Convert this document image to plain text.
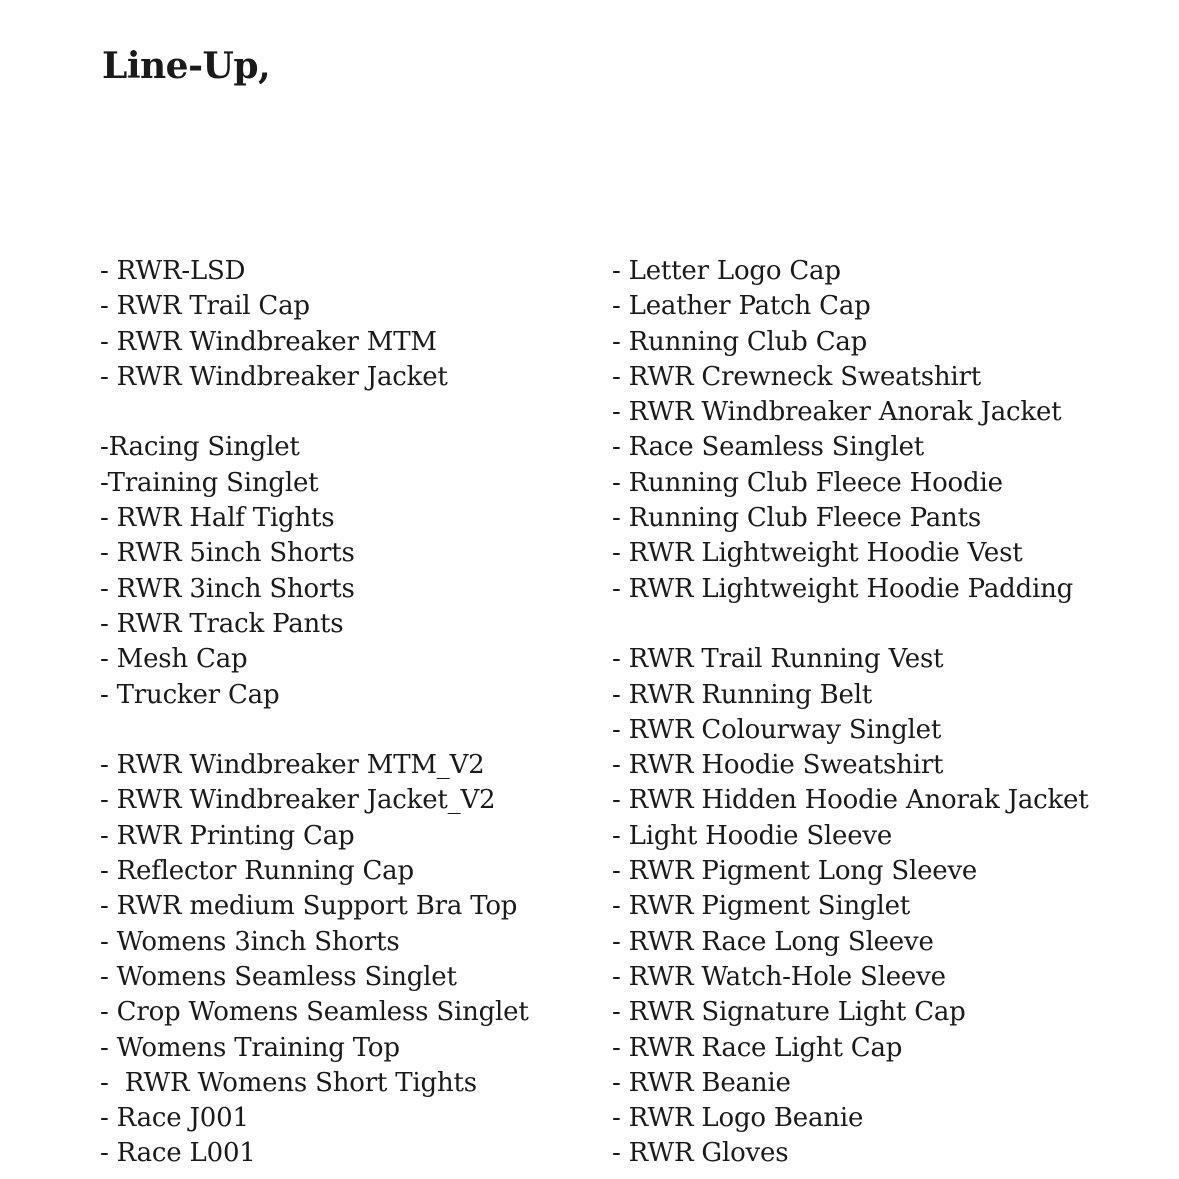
Line-Up,
- RWR-LSD
- RWR Trail Cap
- RWR Windbreaker MTM
- RWR Windbreaker Jacket
-Racing Singlet
-Training Singlet
- RWR Half Tights
- RWR 5inch Shorts
- RWR 3inch Shorts
- RWR Track Pants
- Mesh Cap
- Trucker Cap
- RWR Windbreaker MTM_V2
- RWR Windbreaker Jacket_V2
- RWR Printing Cap
- Reflector Running Cap
- RWR medium Support Bra Top
- Womens 3inch Shorts
- Womens Seamless Singlet
- Crop Womens Seamless Singlet
- Womens Training Top
-  RWR Womens Short Tights
- Race J001
- Race L001
- Letter Logo Cap
- Leather Patch Cap
- Running Club Cap
- RWR Crewneck Sweatshirt
- RWR Windbreaker Anorak Jacket
- Race Seamless Singlet
- Running Club Fleece Hoodie
- Running Club Fleece Pants
- RWR Lightweight Hoodie Vest
- RWR Lightweight Hoodie Padding
- RWR Trail Running Vest
- RWR Running Belt
- RWR Colourway Singlet
- RWR Hoodie Sweatshirt
- RWR Hidden Hoodie Anorak Jacket
- Light Hoodie Sleeve
- RWR Pigment Long Sleeve
- RWR Pigment Singlet
- RWR Race Long Sleeve
- RWR Watch-Hole Sleeve
- RWR Signature Light Cap
- RWR Race Light Cap
- RWR Beanie
- RWR Logo Beanie
- RWR Gloves
